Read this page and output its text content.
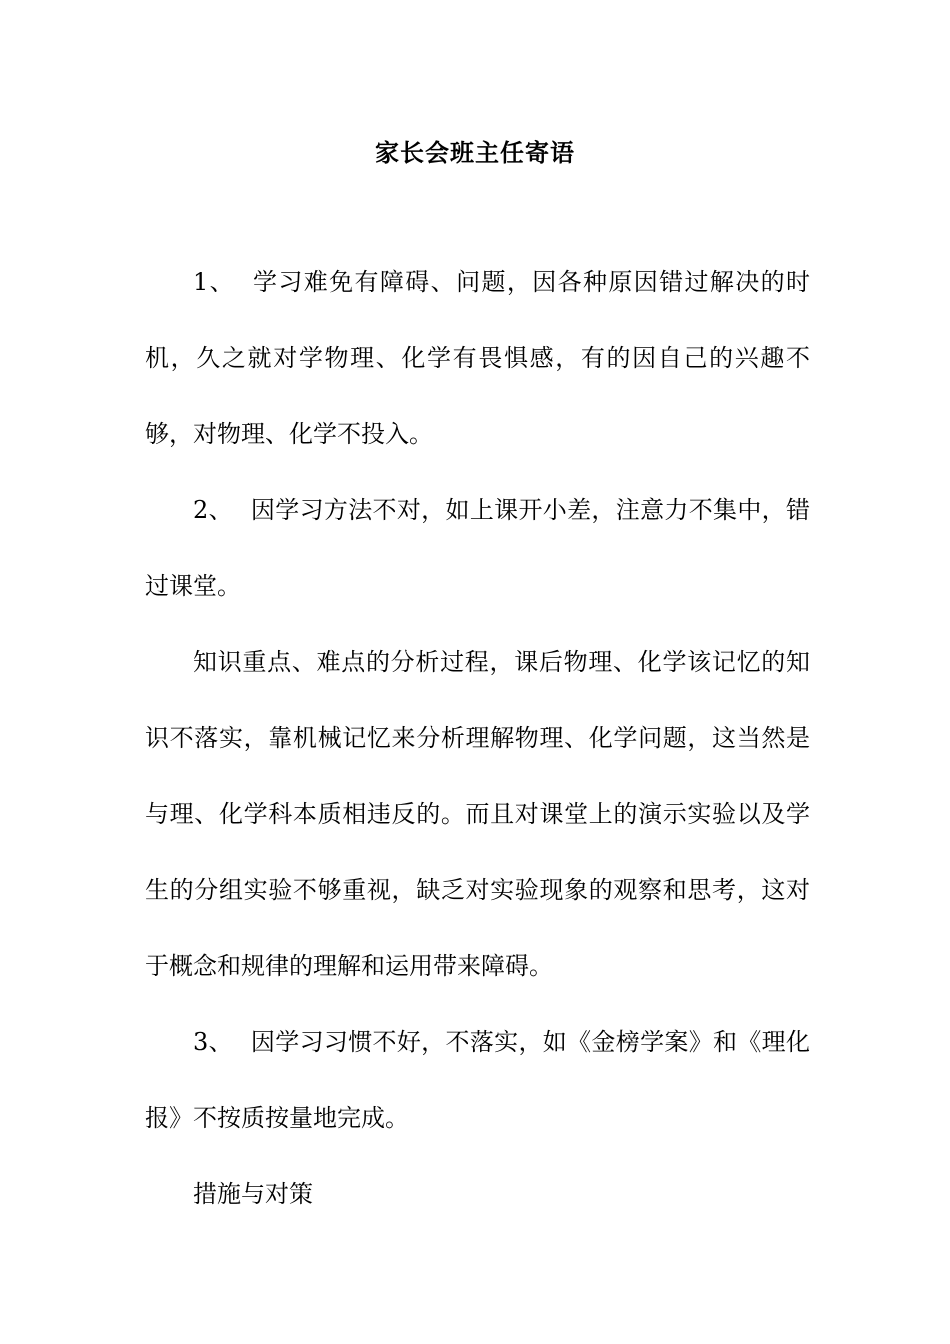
家长会班主任寄语

1、 学习难免有障碍、问题，因各种原因错过解决的时机，久之就对学物理、化学有畏惧感，有的因自己的兴趣不够，对物理、化学不投入。

2、 因学习方法不对，如上课开小差，注意力不集中，错过课堂。

知识重点、难点的分析过程，课后物理、化学该记忆的知识不落实，靠机械记忆来分析理解物理、化学问题，这当然是与理、化学科本质相违反的。而且对课堂上的演示实验以及学生的分组实验不够重视，缺乏对实验现象的观察和思考，这对于概念和规律的理解和运用带来障碍。

3、 因学习习惯不好，不落实，如《金榜学案》和《理化报》不按质按量地完成。

措施与对策
